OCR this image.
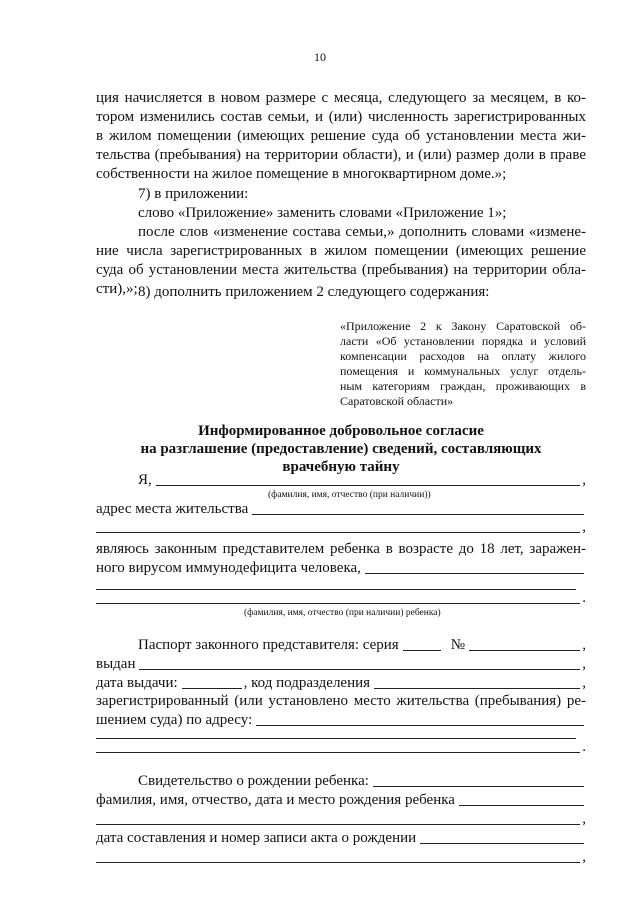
10
ция начисляется в новом размере с месяца, следующего за месяцем, в ко-
тором изменились состав семьи, и (или) численность зарегистрированных
в жилом помещении (имеющих решение суда об установлении места жи-
тельства (пребывания) на территории области), и (или) размер доли в праве
собственности на жилое помещение в многоквартирном доме.»;
7) в приложении:
слово «Приложение» заменить словами «Приложение 1»;
после слов «изменение состава семьи,» дополнить словами «измене-
ние числа зарегистрированных в жилом помещении (имеющих решение
суда об установлении места жительства (пребывания) на территории обла-
сти),»; 8) дополнить приложением 2 следующего содержания:
«Приложение 2 к Закону Саратовской об-
ласти «Об установлении порядка и условий
компенсации расходов на оплату жилого
помещения и коммунальных услуг отдель-
ным категориям граждан, проживающих в
Саратовской области»
Информированное добровольное согласие
на разглашение (предоставление) сведений, составляющих
врачебную тайну
Я,	,
(фамилия, имя, отчество (при наличии))
адрес места жительства
,
являюсь законным представителем ребенка в возрасте до 18 лет, заражен-
ного вирусом иммунодефицита человека,
.
(фамилия, имя, отчество (при наличии) ребенка)
Паспорт законного представителя: серия	№	,
выдан	,
дата выдачи:	, код подразделения	,
зарегистрированный (или установлено место жительства (пребывания) ре-
шением суда) по адресу:
.
Свидетельство о рождении ребенка:
фамилия, имя, отчество, дата и место рождения ребенка
,
дата составления и номер записи акта о рождении
,
